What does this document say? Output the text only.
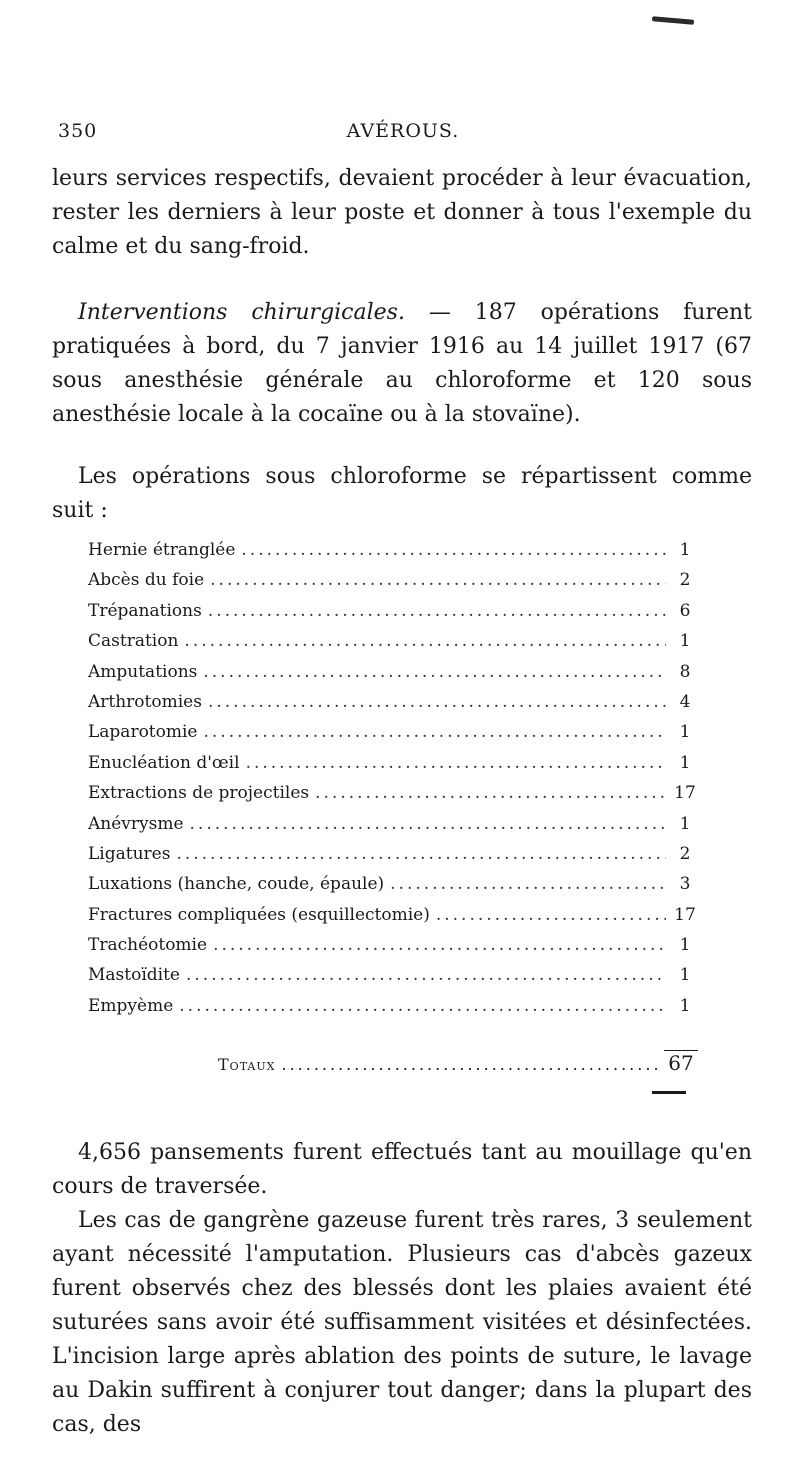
350	AVÉROUS.

leurs services respectifs, devaient procéder à leur évacuation, rester les derniers à leur poste et donner à tous l'exemple du calme et du sang-froid.

Interventions chirurgicales. — 187 opérations furent pratiquées à bord, du 7 janvier 1916 au 14 juillet 1917 (67 sous anesthésie générale au chloroforme et 120 sous anesthésie locale à la cocaïne ou à la stovaïne).

Les opérations sous chloroforme se répartissent comme suit :

Hernie étranglée .....	1
Abcès du foie .....	2
Trépanations .....	6
Castration .....	1
Amputations .....	8
Arthrotomies .....	4
Laparotomie .....	1
Enucléation d'œil .....	1
Extractions de projectiles .....	17
Anévrysme .....	1
Ligatures .....	2
Luxations (hanche, coude, épaule) .....	3
Fractures compliquées (esquillectomie) .....	17
Trachéotomie .....	1
Mastoïdite .....	1
Empyème .....	1
Totaux .....	67

4,656 pansements furent effectués tant au mouillage qu'en cours de traversée.

Les cas de gangrène gazeuse furent très rares, 3 seulement ayant nécessité l'amputation. Plusieurs cas d'abcès gazeux furent observés chez des blessés dont les plaies avaient été suturées sans avoir été suffisamment visitées et désinfectées. L'incision large après ablation des points de suture, le lavage au Dakin suffirent à conjurer tout danger; dans la plupart des cas, des
